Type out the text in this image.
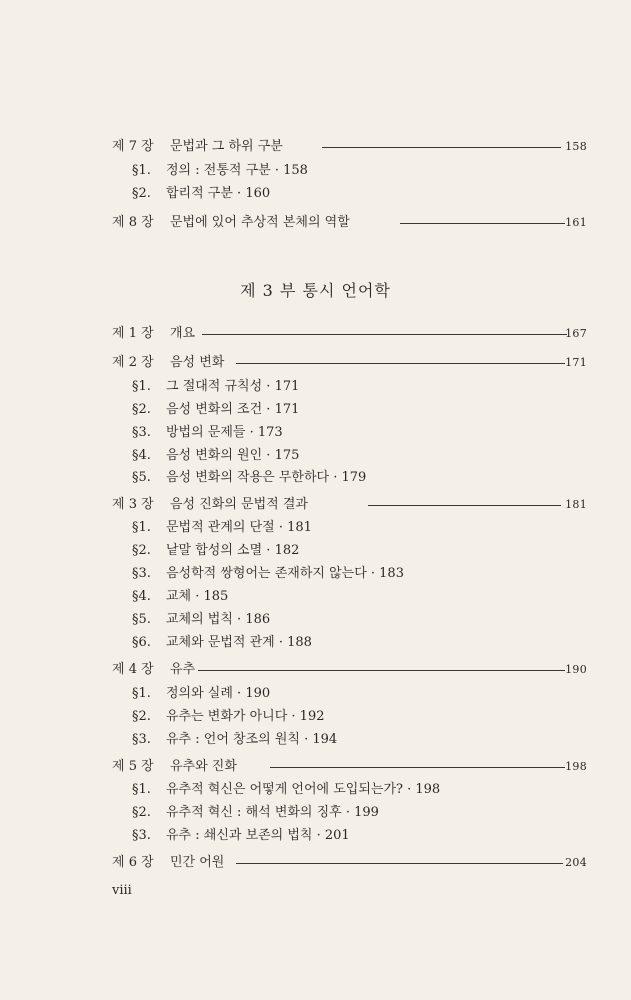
제 7 장 문법과 그 하위 구분	158
§1. 정의 : 전통적 구분 · 158
§2. 합리적 구분 · 160
제 8 장 문법에 있어 추상적 본체의 역할	161
제 3 부 통시 언어학
제 1 장 개요	167
제 2 장 음성 변화	171
§1. 그 절대적 규칙성 · 171
§2. 음성 변화의 조건 · 171
§3. 방법의 문제들 · 173
§4. 음성 변화의 원인 · 175
§5. 음성 변화의 작용은 무한하다 · 179
제 3 장 음성 진화의 문법적 결과	181
§1. 문법적 관계의 단절 · 181
§2. 낱말 합성의 소멸 · 182
§3. 음성학적 쌍형어는 존재하지 않는다 · 183
§4. 교체 · 185
§5. 교체의 법칙 · 186
§6. 교체와 문법적 관계 · 188
제 4 장 유추	190
§1. 정의와 실례 · 190
§2. 유추는 변화가 아니다 · 192
§3. 유추 : 언어 창조의 원칙 · 194
제 5 장 유추와 진화	198
§1. 유추적 혁신은 어떻게 언어에 도입되는가? · 198
§2. 유추적 혁신 : 해석 변화의 징후 · 199
§3. 유추 : 쇄신과 보존의 법칙 · 201
제 6 장 민간 어원	204
viii
